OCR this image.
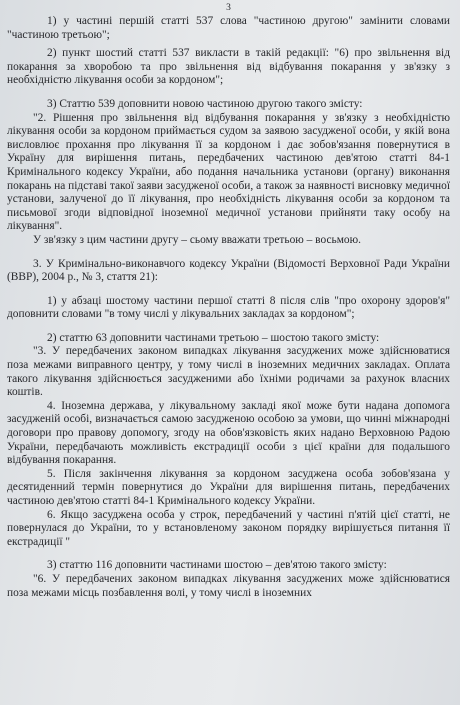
3

1) у частині першій статті 537 слова "частиною другою" замінити словами "частиною третьою";

2) пункт шостий статті 537 викласти в такій редакції: "6) про звільнення від покарання за хворобою та про звільнення від відбування покарання у зв'язку з необхідністю лікування особи за кордоном";

3) Статтю 539 доповнити новою частиною другою такого змісту:

"2. Рішення про звільнення від відбування покарання у зв'язку з необхідністю лікування особи за кордоном приймається судом за заявою засудженої особи, у якій вона висловлює прохання про лікування її за кордоном і дає зобов'язання повернутися в Україну для вирішення питань, передбачених частиною дев'ятою статті 84-1 Кримінального кодексу України, або подання начальника установи (органу) виконання покарань на підставі такої заяви засудженої особи, а також за наявності висновку медичної установи, залученої до її лікування, про необхідність лікування особи за кордоном та письмової згоди відповідної іноземної медичної установи прийняти таку особу на лікування".

У зв'язку з цим частини другу – сьому вважати третьою – восьмою.

3. У Кримінально-виконавчого кодексу України (Відомості Верховної Ради України (ВВР), 2004 р., № 3, стаття 21):

1) у абзаці шостому частини першої статті 8 після слів "про охорону здоров'я" доповнити словами "в тому числі у лікувальних закладах за кордоном";

2) статтю 63 доповнити частинами третьою – шостою такого змісту:

"3. У передбачених законом випадках лікування засуджених може здійснюватися поза межами виправного центру, у тому числі в іноземних медичних закладах. Оплата такого лікування здійснюється засудженими або їхніми родичами за рахунок власних коштів.

4. Іноземна держава, у лікувальному закладі якої може бути надана допомога засудженій особі, визначається самою засудженою особою за умови, що чинні міжнародні договори про правову допомогу, згоду на обов'язковість яких надано Верховною Радою України, передбачають можливість екстрадиції особи з цієї країни для подальшого відбування покарання.

5. Після закінчення лікування за кордоном засуджена особа зобов'язана у десятиденний термін повернутися до України для вирішення питань, передбачених частиною дев'ятою статті 84-1 Кримінального кодексу України.

6. Якщо засуджена особа у строк, передбачений у частині п'ятій цієї статті, не повернулася до України, то у встановленому законом порядку вирішується питання її екстрадиції "

3) статтю 116 доповнити частинами шостою – дев'ятою такого змісту:

"6. У передбачених законом випадках лікування засуджених може здійснюватися поза межами місць позбавлення волі, у тому числі в іноземних
